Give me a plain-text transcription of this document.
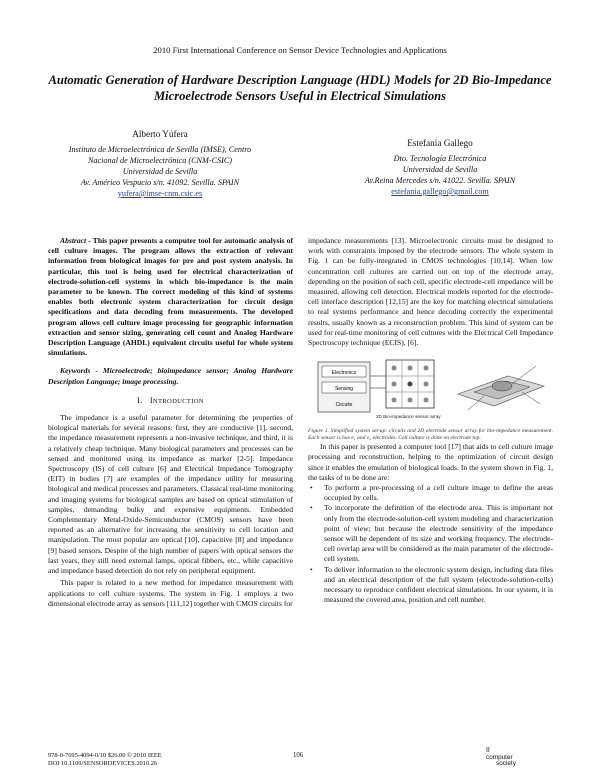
2010 First International Conference on Sensor Device Technologies and Applications
Automatic Generation of Hardware Description Language (HDL) Models for 2D Bio-Impedance Microelectrode Sensors Useful in Electrical Simulations
Alberto Yúfera
Instituto de Microelectrónica de Sevilla (IMSE), Centro
Nacional de Microelectrónica (CNM-CSIC)
Universidad de Sevilla
Av. Américo Vespucio s/n. 41092. Sevilla. SPAIN
yufera@imse-cnm.csic.es
Estefanía Gallego
Dto. Tecnología Electrónica
Universidad de Sevilla
Av.Reina Mercedes s/n. 41022. Sevilla. SPAIN
estefania.gallego@gmail.com

Abstract - This paper presents a computer tool for automatic analysis of cell culture images. The program allows the extraction of relevant information from biological images for pre and post system analysis. In particular, this tool is being used for electrical characterization of electrode-solution-cell systems in which bio-impedance is the main parameter to be known. The correct modeling of this kind of systems enables both electronic system characterization for circuit design specifications and data decoding from measurements. The developed program allows cell culture image processing for geographic information extraction and sensor sizing, generating cell count and Analog Hardware Description Language (AHDL) equivalent circuits useful for whole system simulations.

Keywords - Microelectrode; bioimpedance sensor; Analog Hardware Description Language; image processing.

I. INTRODUCTION

The impedance is a useful parameter for determining the properties of biological materials for several reasons: first, they are conductive [1], second, the impedance measurement represents a non-invasive technique, and third, it is a relatively cheap technique. Many biological parameters and processes can be sensed and monitored using its impedance as marker [2-5]. Impedance Spectroscopy (IS) of cell culture [6] and Electrical Impedance Tomography (EIT) in bodies [7] are examples of the impedance utility for measuring biological and medical processes and parameters. Classical real-time monitoring and imaging systems for biological samples are based on optical stimulation of samples, demanding bulky and expensive equipments. Embedded Complementary Metal-Oxide-Semiconductor (CMOS) sensors have been reported as an alternative for increasing the sensitivity to cell location and manipulation. The most popular are optical [10], capacitive [8] and impedance [9] based sensors. Despite of the high number of papers with optical sensors the last years, they still need external lamps, optical fibbers, etc., while capacitive and impedance based detection do not rely on peripheral equipment.

This paper is related to a new method for impedance measurement with applications to cell culture systems. The system in Fig. 1 employs a two dimensional electrode array as sensors [111,12] together with CMOS circuits for

impedance measurements [13]. Microelectronic circuits must be designed to work with constraints imposed by the electrode sensors. The whole system in Fig. 1 can be fully-integrated in CMOS technologies [10,14]. When low concentration cell cultures are carried out on top of the electrode array, depending on the position of each cell, specific electrode-cell impedance will be measured, allowing cell detection. Electrical models reported for the electrode-cell interface description [12,15] are the key for matching electrical simulations to real systems performance and hence decoding correctly the experimental results, usually known as a reconstruction problem. This kind of system can be used for real-time monitoring of cell cultures with the Electrical Cell Impedance Spectroscopy technique (ECIS), [6].

Electronics
Sensing
Circuits
2D Bio-impedance sensor array

Figure 1. Simplified system set-up: circuits and 2D electrode sensor array for bio-impedance measurement. Each sensor is has e₁ and e₂ electrodes. Cell culture is done on electrode top.

In this paper is presented a computer tool [17] that aids to cell culture image processing and reconstruction, helping to the optimization of circuit design since it enables the emulation of biological loads. In the system shown in Fig. 1, the tasks of to be done are:

• To perform a pre-processing of a cell culture image to define the areas occupied by cells.
• To incorporate the definition of the electrode area. This is important not only from the electrode-solution-cell system modeling and characterization point of view; but because the electrode sensitivity of the impedance sensor will be dependent of its size and working frequency. The electrode-cell overlap area will be considered as the main parameter of the electrode-cell system.
• To deliver information to the electronic system design, including data files and an electrical description of the full system (electrode-solution-cells) necessary to reproduce confident electrical simulations. In our system, it is measured the covered area, position and cell number.
978-0-7695-4094-0/10 $26.00 © 2010 IEEE
DOI 10.1109/SENSORDEVICES.2010.26
106
I I
computer
society
